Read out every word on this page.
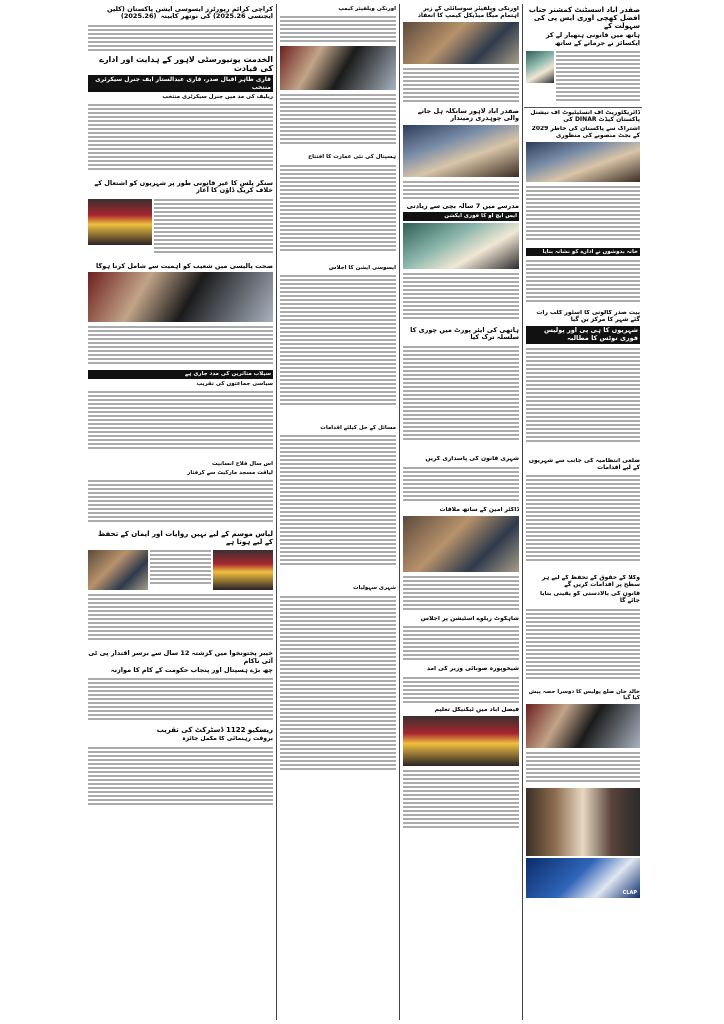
صفدر آباد اسسٹنٹ کمشنر جناب افضل کھچی اوری ایس پی کی سہولت کے
ہاتھ میں قانونی ہتھیار لے کر ایکسائز نے جرمانے کے ساتھ
ڈائریکٹوریٹ آف انسٹیٹیوٹ آف نیشنل پاکستان کیڈٹ DINAR کی
اشتراک سے پاکستان کی خاطر 2029 کے بجٹ منصوبے کی منظوری
خانہ بدوشوں نے ادارے کو نشانہ بنایا
بیت صدر کالونی کا اسٹور کلب رات گئے شہر کا مرکز بن گیا
شہریوں کا ہی پی اور پولیس فوری نوٹس کا مطالبہ
ضلعی انتظامیہ کی جانب سے شہریوں کے لیے اقدامات
وکلا کے حقوق کے تحفظ کے لیے ہر سطح پر اقدامات کریں گے
قانون کی بالادستی کو یقینی بنایا جائے گا
خالد خان ضلع پولیس کا دوسرا حصہ پیش کیا گیا
CLAP
اورنگی ویلفیئر سوسائٹی کے زیر اہتمام میگا میڈیکل کیمپ کا انعقاد
صفدر آباد لاہور سانگلہ ہل جانے والی چوہدری زمیندار
مدرسے میں 7 سالہ بچی سے زیادتی
ایس ایچ او کا فوری ایکشن
ہاتھی کی ایئر پورٹ میں چوری کا سلسلہ ترک کیا
شہری قانون کی پاسداری کریں
ڈاکٹر امین کے ساتھ ملاقات
شاہکوٹ ریلوے اسٹیشن پر اجلاس
شیخوپورہ صوبائی وزیر کی آمد
فیصل آباد میں ٹیکنیکل تعلیم
اورنگی ویلفیئر کیمپ
ہسپتال کی نئی عمارت کا افتتاح
ایسوسی ایشن کا اجلاس
مسائل کے حل کیلئے اقدامات
شہری سہولیات
کراچی کرائم رپورٹرز ایسوسی ایشن پاکستان (کلین ایجنسی 2025.26) کی نوتھر کابینہ (2025.26)
الخدمت یونیورسٹی لاہور کے ہدایت اور ادارے کی قیادت
قاری ظاہر اقبال صدر، قاری عبدالستار ایف جنرل سیکرٹری منتخب
ریلیف کی مد میں جنرل سیکرٹری منتخب
سنگر پلس کا غیر قانونی طور پر شہریوں کو اشتعال کے خلاف کریک ڈاؤن کا آغاز
صحت پالیسی میں شعیب کو اہمیت سے شامل کرنا ہوگا
سیلاب متاثرین کی مدد جاری ہے
سیاسی جماعتوں کی تقریب
اس سال فلاح انسانیت
لیاقت مسجد مارکیٹ سے گرفتار
لباس موسم کے لیے نہیں روایات اور ایمان کے تحفظ کے لیے ہوتا ہے
خیبر پختونخوا میں گزشتہ 12 سال سے برسر اقتدار پی ٹی آئی ناکام
چھ بڑے ہسپتال اور پنجاب حکومت کے کام کا موازنہ
ریسکیو 1122 ڈسٹرکٹ کی تقریب
بروقت رہنمائی کا مکمل جائزہ
